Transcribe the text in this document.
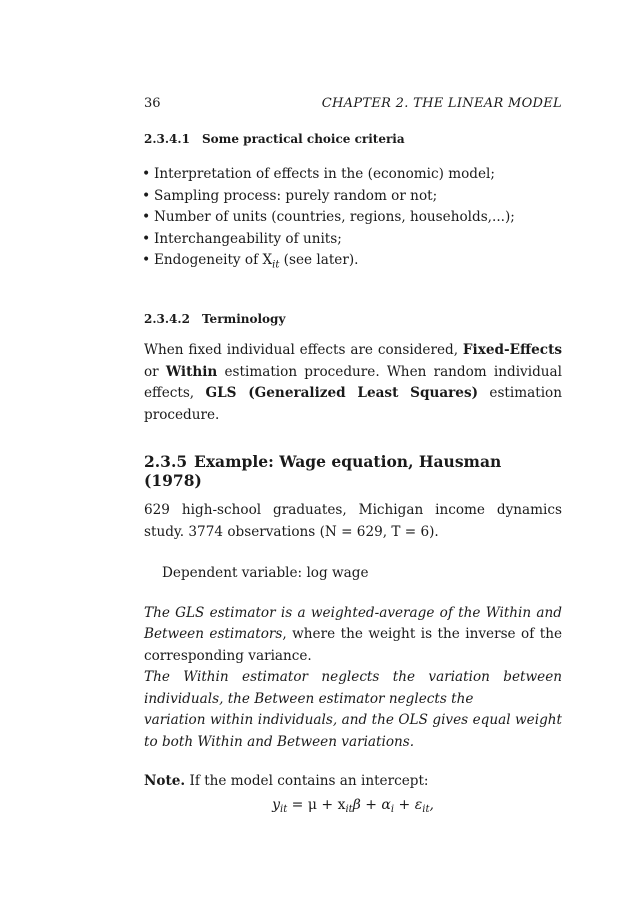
36	CHAPTER 2. THE LINEAR MODEL
2.3.4.1 Some practical choice criteria
• Interpretation of effects in the (economic) model;
• Sampling process: purely random or not;
• Number of units (countries, regions, households,...);
• Interchangeability of units;
• Endogeneity of $X_{it}$ (see later).
2.3.4.2 Terminology
When fixed individual effects are considered, Fixed-Effects or Within estimation procedure. When random individual effects, GLS (Generalized Least Squares) estimation procedure.
2.3.5 Example: Wage equation, Hausman (1978)
629 high-school graduates, Michigan income dynamics study. 3774 observations (N = 629, T = 6).
Dependent variable: log wage
The GLS estimator is a weighted-average of the Within and Between estimators, where the weight is the inverse of the corresponding variance.
The Within estimator neglects the variation between individuals, the Between estimator neglects the
variation within individuals, and the OLS gives equal weight to both Within and Between variations.
Note. If the model contains an intercept:
$y_{it} = \mu + x_{it}\beta + \alpha_i + \varepsilon_{it}$,
